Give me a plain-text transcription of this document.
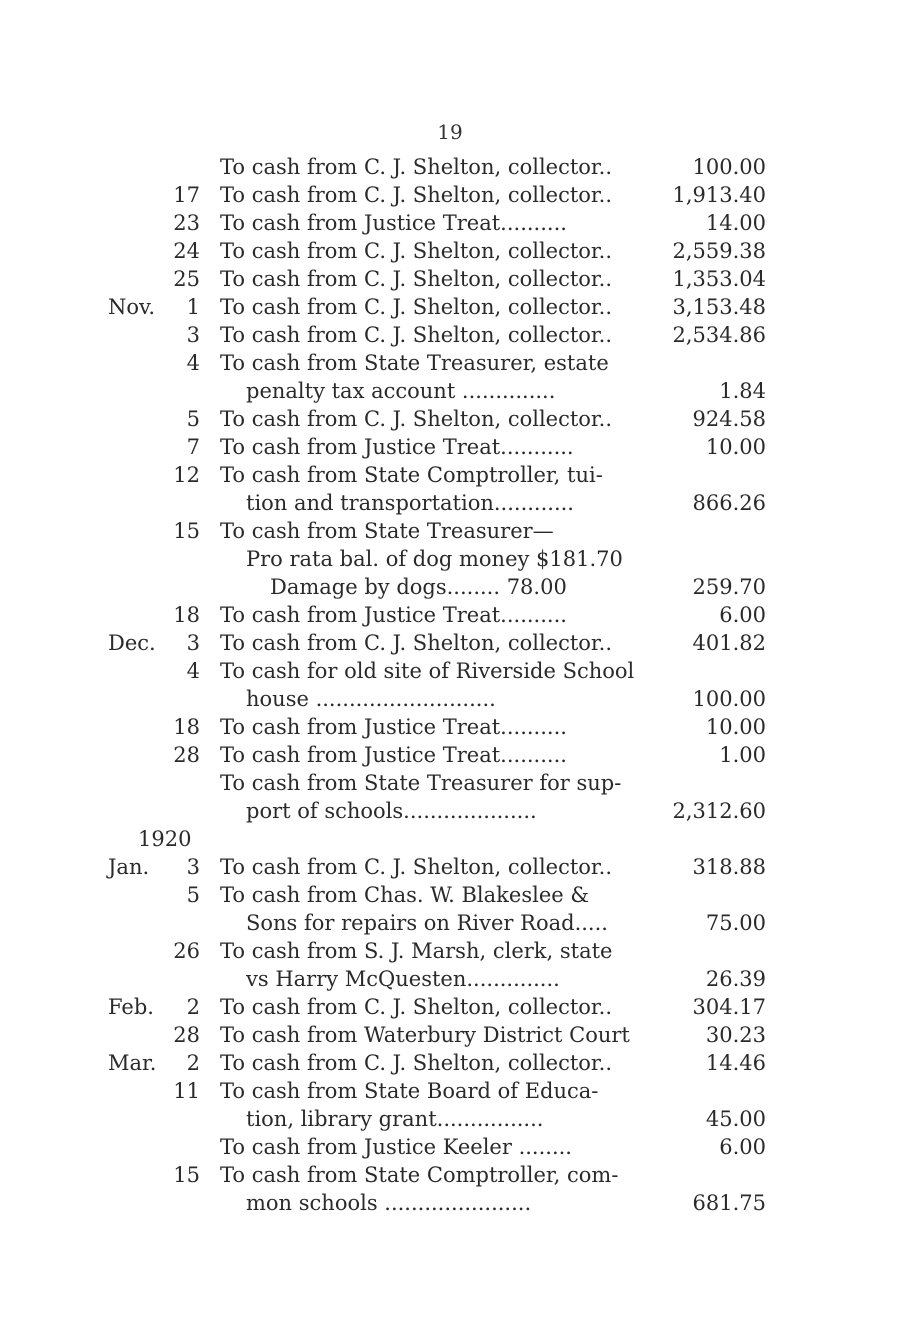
19
To cash from C. J. Shelton, collector..	100.00
17 To cash from C. J. Shelton, collector..	1,913.40
23 To cash from Justice Treat..........	14.00
24 To cash from C. J. Shelton, collector..	2,559.38
25 To cash from C. J. Shelton, collector..	1,353.04
Nov.	1 To cash from C. J. Shelton, collector..	3,153.48
3 To cash from C. J. Shelton, collector..	2,534.86
4 To cash from State Treasurer, estate
penalty tax account ..............	1.84
5 To cash from C. J. Shelton, collector..	924.58
7 To cash from Justice Treat...........	10.00
12 To cash from State Comptroller, tui-
tion and transportation............	866.26
15 To cash from State Treasurer—
Pro rata bal. of dog money $181.70
Damage by dogs........ 78.00	259.70
18 To cash from Justice Treat..........	6.00
Dec.	3 To cash from C. J. Shelton, collector..	401.82
4 To cash for old site of Riverside School
house ...........................	100.00
18 To cash from Justice Treat..........	10.00
28 To cash from Justice Treat..........	1.00
To cash from State Treasurer for sup-
port of schools....................	2,312.60
1920
Jan.	3 To cash from C. J. Shelton, collector..	318.88
5 To cash from Chas. W. Blakeslee &
Sons for repairs on River Road.....	75.00
26 To cash from S. J. Marsh, clerk, state
vs Harry McQuesten..............	26.39
Feb.	2 To cash from C. J. Shelton, collector..	304.17
28 To cash from Waterbury District Court	30.23
Mar.	2 To cash from C. J. Shelton, collector..	14.46
11 To cash from State Board of Educa-
tion, library grant................	45.00
To cash from Justice Keeler ........	6.00
15 To cash from State Comptroller, com-
mon schools ......................	681.75
